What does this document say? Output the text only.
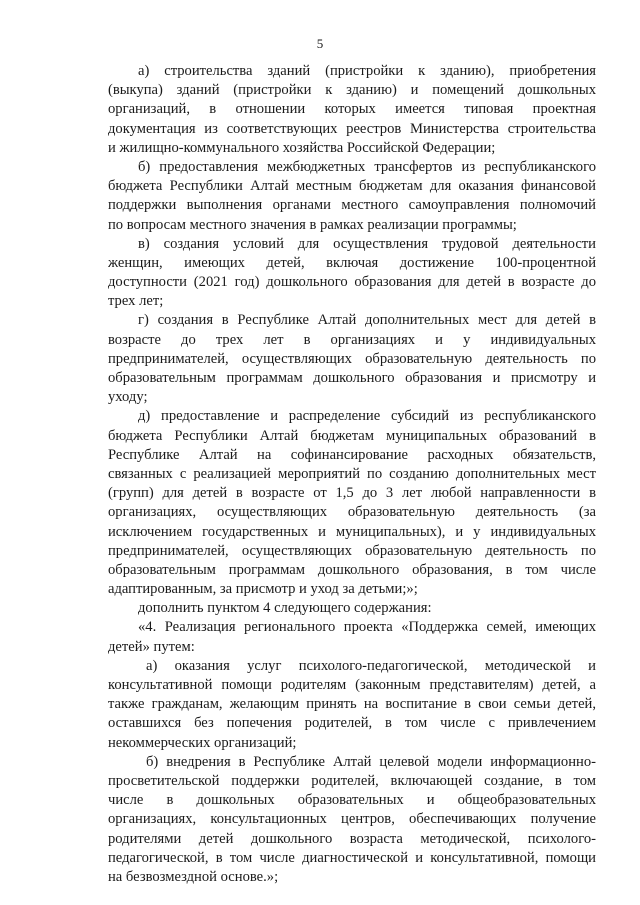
5
а) строительства зданий (пристройки к зданию), приобретения
(выкупа) зданий (пристройки к зданию) и помещений дошкольных
организаций, в отношении которых имеется типовая проектная
документация из соответствующих реестров Министерства строительства
и жилищно-коммунального хозяйства Российской Федерации;
б) предоставления межбюджетных трансфертов из республиканского
бюджета Республики Алтай местным бюджетам для оказания финансовой
поддержки выполнения органами местного самоуправления полномочий
по вопросам местного значения в рамках реализации программы;
в) создания условий для осуществления трудовой деятельности
женщин, имеющих детей, включая достижение 100-процентной
доступности (2021 год) дошкольного образования для детей в возрасте до
трех лет;
г) создания в Республике Алтай дополнительных мест для детей в
возрасте до трех лет в организациях и у индивидуальных
предпринимателей, осуществляющих образовательную деятельность по
образовательным программам дошкольного образования и присмотру и
уходу;
д) предоставление и распределение субсидий из республиканского
бюджета Республики Алтай бюджетам муниципальных образований в
Республике Алтай на софинансирование расходных обязательств,
связанных с реализацией мероприятий по созданию дополнительных мест
(групп) для детей в возрасте от 1,5 до 3 лет любой направленности в
организациях, осуществляющих образовательную деятельность (за
исключением государственных и муниципальных), и у индивидуальных
предпринимателей, осуществляющих образовательную деятельность по
образовательным программам дошкольного образования, в том числе
адаптированным, за присмотр и уход за детьми;»;
дополнить пунктом 4 следующего содержания:
«4. Реализация регионального проекта «Поддержка семей, имеющих
детей» путем:
а) оказания услуг психолого-педагогической, методической и
консультативной помощи родителям (законным представителям) детей, а
также гражданам, желающим принять на воспитание в свои семьи детей,
оставшихся без попечения родителей, в том числе с привлечением
некоммерческих организаций;
б) внедрения в Республике Алтай целевой модели информационно-
просветительской поддержки родителей, включающей создание, в том
числе в дошкольных образовательных и общеобразовательных
организациях, консультационных центров, обеспечивающих получение
родителями детей дошкольного возраста методической, психолого-
педагогической, в том числе диагностической и консультативной, помощи
на безвозмездной основе.»;
